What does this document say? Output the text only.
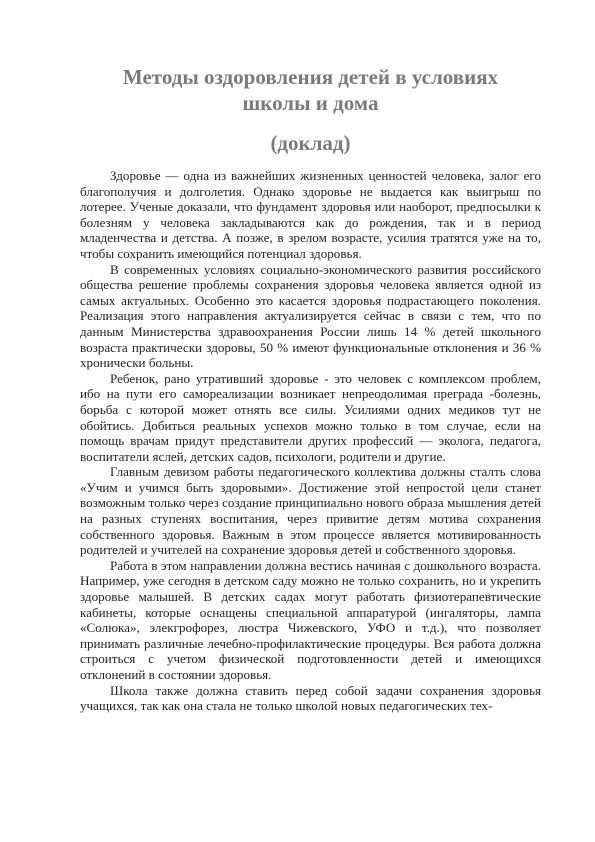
Методы оздоровления детей в условиях
школы и дома
(доклад)

Здоровье — одна из важнейших жизненных ценностей человека, залог его благополучия и долголетия. Однако здоровье не выдается как выигрыш по лотерее. Ученые доказали, что фундамент здоровья или наоборот, предпосылки к болезням у человека закладываются как до рождения, так и в период младенчества и детства. А позже, в зрелом возрасте, усилия тратятся уже на то, чтобы сохранить имеющийся потенциал здоровья.

В современных условиях социально-экономического развития российского общества решение проблемы сохранения здоровья человека является одной из самых актуальных. Особенно это касается здоровья подрастающего поколения. Реализация этого направления актуализируется сейчас в связи с тем, что по данным Министерства здравоохранения России лишь 14 % детей школьного возраста практически здоровы, 50 % имеют функциональные отклонения и 36 % хронически больны.

Ребенок, рано утративший здоровье - это человек с комплексом проблем, ибо на пути его самореализации возникает непреодолимая преграда -болезнь, борьба с которой может отнять все силы. Усилиями одних медиков тут не обойтись. Добиться реальных успехов можно только в том случае, если на помощь врачам придут представители других профессий — эколога, педагога, воспитатели яслей, детских садов, психологи, родители и другие.

Главным девизом работы педагогического коллектива должны сталть слова «Учим и учимся быть здоровыми». Достижение этой непростой цели станет возможным только через создание принципиально нового образа мышления детей на разных ступенях воспитания, через привитие детям мотива сохранения собственного здоровья. Важным в этом процессе является мотивированность родителей и учителей на сохранение здоровья детей и собственного здоровья.

Работа в этом направлении должна вестись начиная с дошкольного возраста. Например, уже сегодня в детском саду можно не только сохранить, но и укрепить здоровье малышей. В детских садах могут работать физиотерапевтические кабинеты, которые оснащены специальной аппаратурой (ингаляторы, лампа «Солюка», элекгрофорез, люстра Чижевского, УФО и т.д.), что позволяет принимать различные лечебно-профилактические процедуры. Вся работа должна строиться с учетом физической подготовленности детей и имеющихся отклонений в состоянии здоровья.

Школа также должна ставить перед собой задачи сохранения здоровья учащихся, так как она стала не только школой новых педагогических тех-
